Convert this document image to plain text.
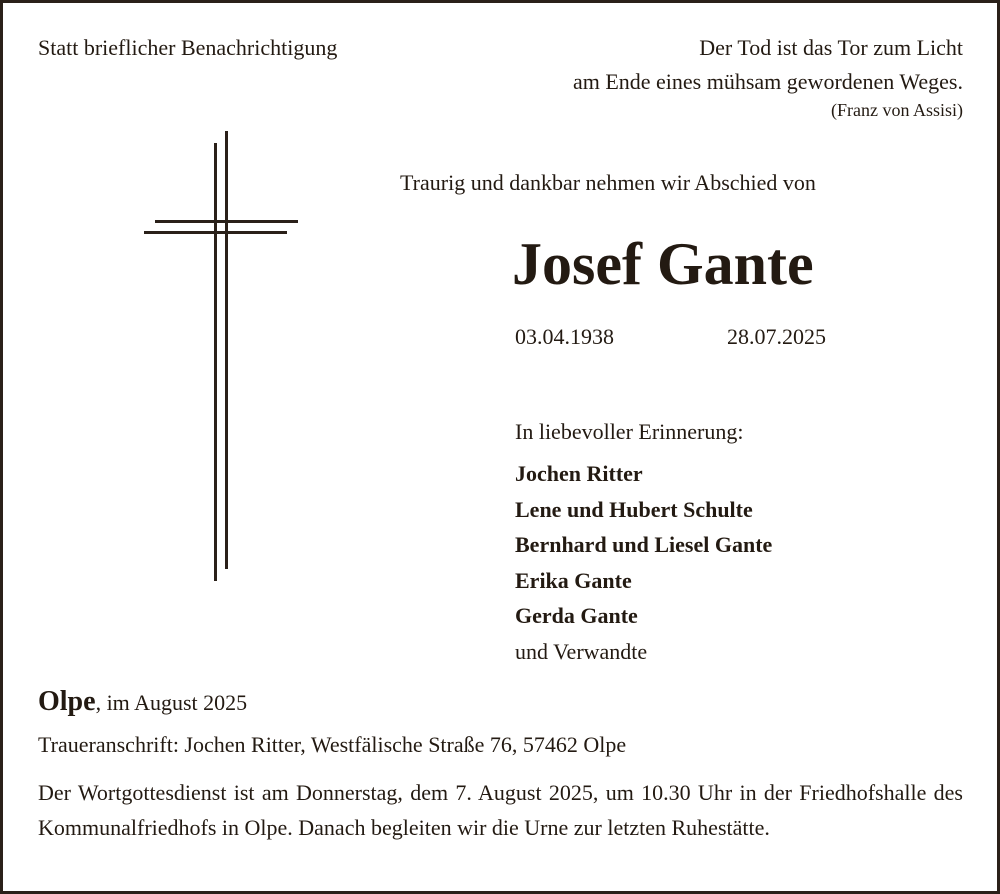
Statt brieflicher Benachrichtigung	Der Tod ist das Tor zum Licht
am Ende eines mühsam gewordenen Weges.
(Franz von Assisi)
Traurig und dankbar nehmen wir Abschied von
Josef Gante
03.04.1938	28.07.2025
In liebevoller Erinnerung:
Jochen Ritter
Lene und Hubert Schulte
Bernhard und Liesel Gante
Erika Gante
Gerda Gante
und Verwandte
Olpe, im August 2025
Traueranschrift: Jochen Ritter, Westfälische Straße 76, 57462 Olpe
Der Wortgottesdienst ist am Donnerstag, dem 7. August 2025, um 10.30 Uhr in der Friedhofshalle des Kommunalfriedhofs in Olpe. Danach begleiten wir die Urne zur letzten Ruhestätte.
